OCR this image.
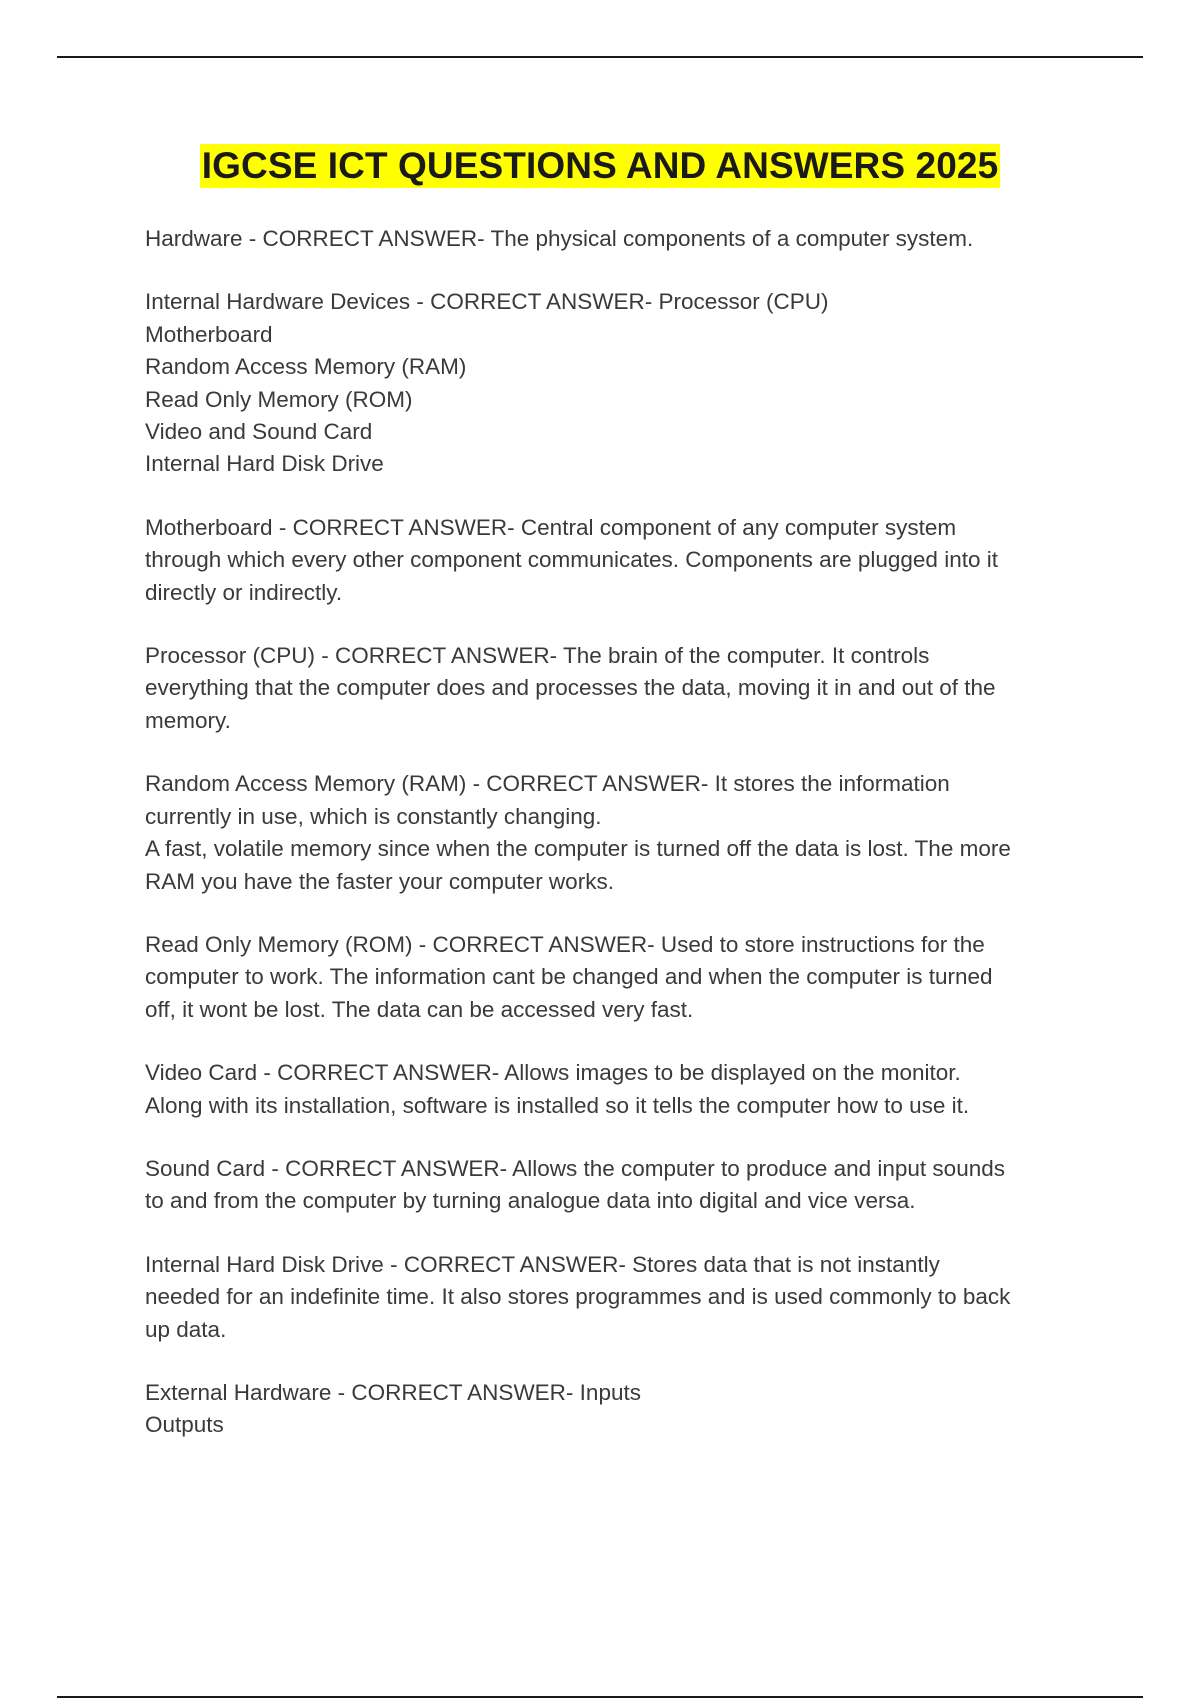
IGCSE ICT QUESTIONS AND ANSWERS 2025
Hardware - CORRECT ANSWER- The physical components of a computer system.
Internal Hardware Devices - CORRECT ANSWER- Processor (CPU)
Motherboard
Random Access Memory (RAM)
Read Only Memory (ROM)
Video and Sound Card
Internal Hard Disk Drive
Motherboard - CORRECT ANSWER- Central component of any computer system
through which every other component communicates. Components are plugged into it
directly or indirectly.
Processor (CPU) - CORRECT ANSWER- The brain of the computer. It controls
everything that the computer does and processes the data, moving it in and out of the
memory.
Random Access Memory (RAM) - CORRECT ANSWER- It stores the information
currently in use, which is constantly changing.
A fast, volatile memory since when the computer is turned off the data is lost. The more
RAM you have the faster your computer works.
Read Only Memory (ROM) - CORRECT ANSWER- Used to store instructions for the
computer to work. The information cant be changed and when the computer is turned
off, it wont be lost. The data can be accessed very fast.
Video Card - CORRECT ANSWER- Allows images to be displayed on the monitor.
Along with its installation, software is installed so it tells the computer how to use it.
Sound Card - CORRECT ANSWER- Allows the computer to produce and input sounds
to and from the computer by turning analogue data into digital and vice versa.
Internal Hard Disk Drive - CORRECT ANSWER- Stores data that is not instantly
needed for an indefinite time. It also stores programmes and is used commonly to back
up data.
External Hardware - CORRECT ANSWER- Inputs
Outputs
